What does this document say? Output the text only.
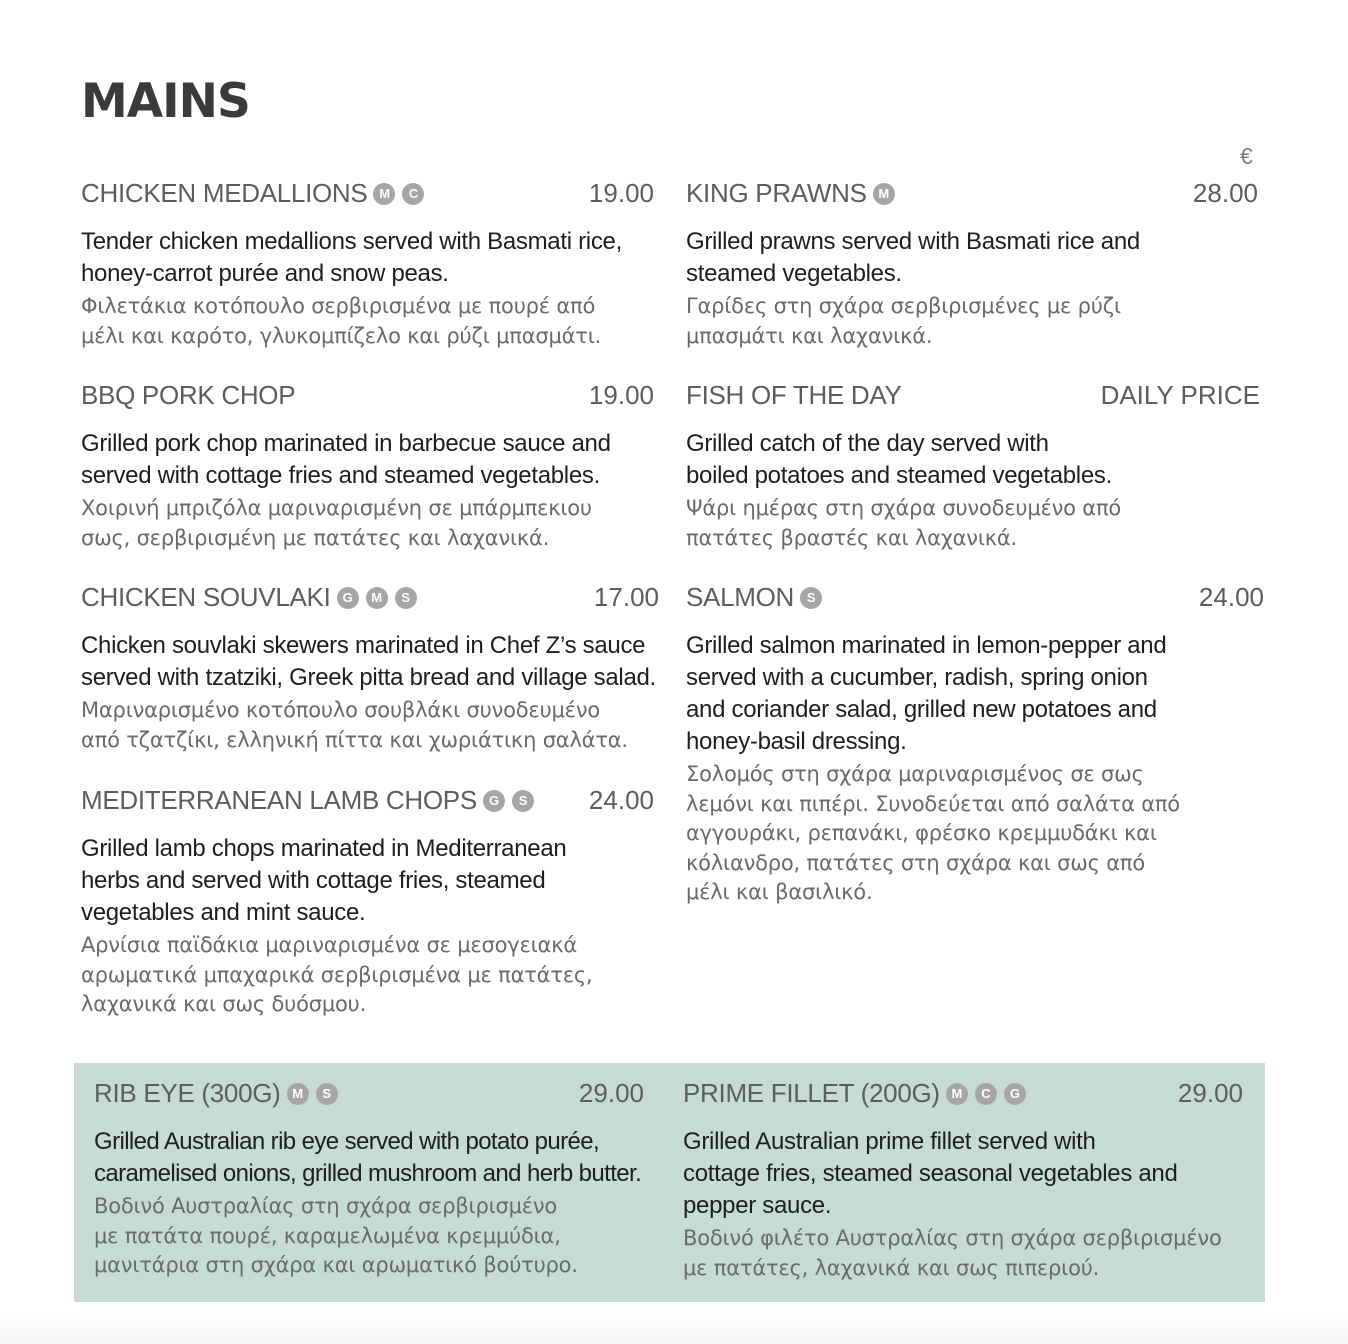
MAINS
€
CHICKEN MEDALLIONS M	C	19.00
Tender chicken medallions served with Basmati rice,
honey-carrot purée and snow peas.
Φιλετάκια κοτόπουλο σερβιρισμένα με πουρέ από
μέλι και καρότο, γλυκομπίζελο και ρύζι μπασμάτι.
BBQ PORK CHOP	19.00
Grilled pork chop marinated in barbecue sauce and
served with cottage fries and steamed vegetables.
Χοιρινή μπριζόλα μαριναρισμένη σε μπάρμπεκιου
σως, σερβιρισμένη με πατάτες και λαχανικά.
CHICKEN SOUVLAKI G	M	S	17.00
Chicken souvlaki skewers marinated in Chef Z’s sauce
served with tzatziki, Greek pitta bread and village salad.
Μαριναρισμένο κοτόπουλο σουβλάκι συνοδευμένο
από τζατζίκι, ελληνική πίττα και χωριάτικη σαλάτα.
MEDITERRANEAN LAMB CHOPS G	S 24.00
Grilled lamb chops marinated in Mediterranean
herbs and served with cottage fries, steamed
vegetables and mint sauce.
Αρνίσια παϊδάκια μαριναρισμένα σε μεσογειακά
αρωματικά μπαχαρικά σερβιρισμένα με πατάτες,
λαχανικά και σως δυόσμου.
KING PRAWNS M	28.00
Grilled prawns served with Basmati rice and
steamed vegetables.
Γαρίδες στη σχάρα σερβιρισμένες με ρύζι
μπασμάτι και λαχανικά.
FISH OF THE DAY	DAILY PRICE
Grilled catch of the day served with
boiled potatoes and steamed vegetables.
Ψάρι ημέρας στη σχάρα συνοδευμένο από
πατάτες βραστές και λαχανικά.
SALMON S	24.00
Grilled salmon marinated in lemon-pepper and
served with a cucumber, radish, spring onion
and coriander salad, grilled new potatoes and
honey-basil dressing.
Σολομός στη σχάρα μαριναρισμένος σε σως
λεμόνι και πιπέρι. Συνοδεύεται από σαλάτα από
αγγουράκι, ρεπανάκι, φρέσκο κρεμμυδάκι και
κόλιανδρο, πατάτες στη σχάρα και σως από
μέλι και βασιλικό.
RIB EYE (300G) M	S	29.00
Grilled Australian rib eye served with potato purée,
caramelised onions, grilled mushroom and herb butter.
Βοδινό Αυστραλίας στη σχάρα σερβιρισμένο
με πατάτα πουρέ, καραμελωμένα κρεμμύδια,
μανιτάρια στη σχάρα και αρωματικό βούτυρο.
PRIME FILLET (200G) M	C	G	29.00
Grilled Australian prime fillet served with
cottage fries, steamed seasonal vegetables and
pepper sauce.
Βοδινό φιλέτο Αυστραλίας στη σχάρα σερβιρισμένο
με πατάτες, λαχανικά και σως πιπεριού.
